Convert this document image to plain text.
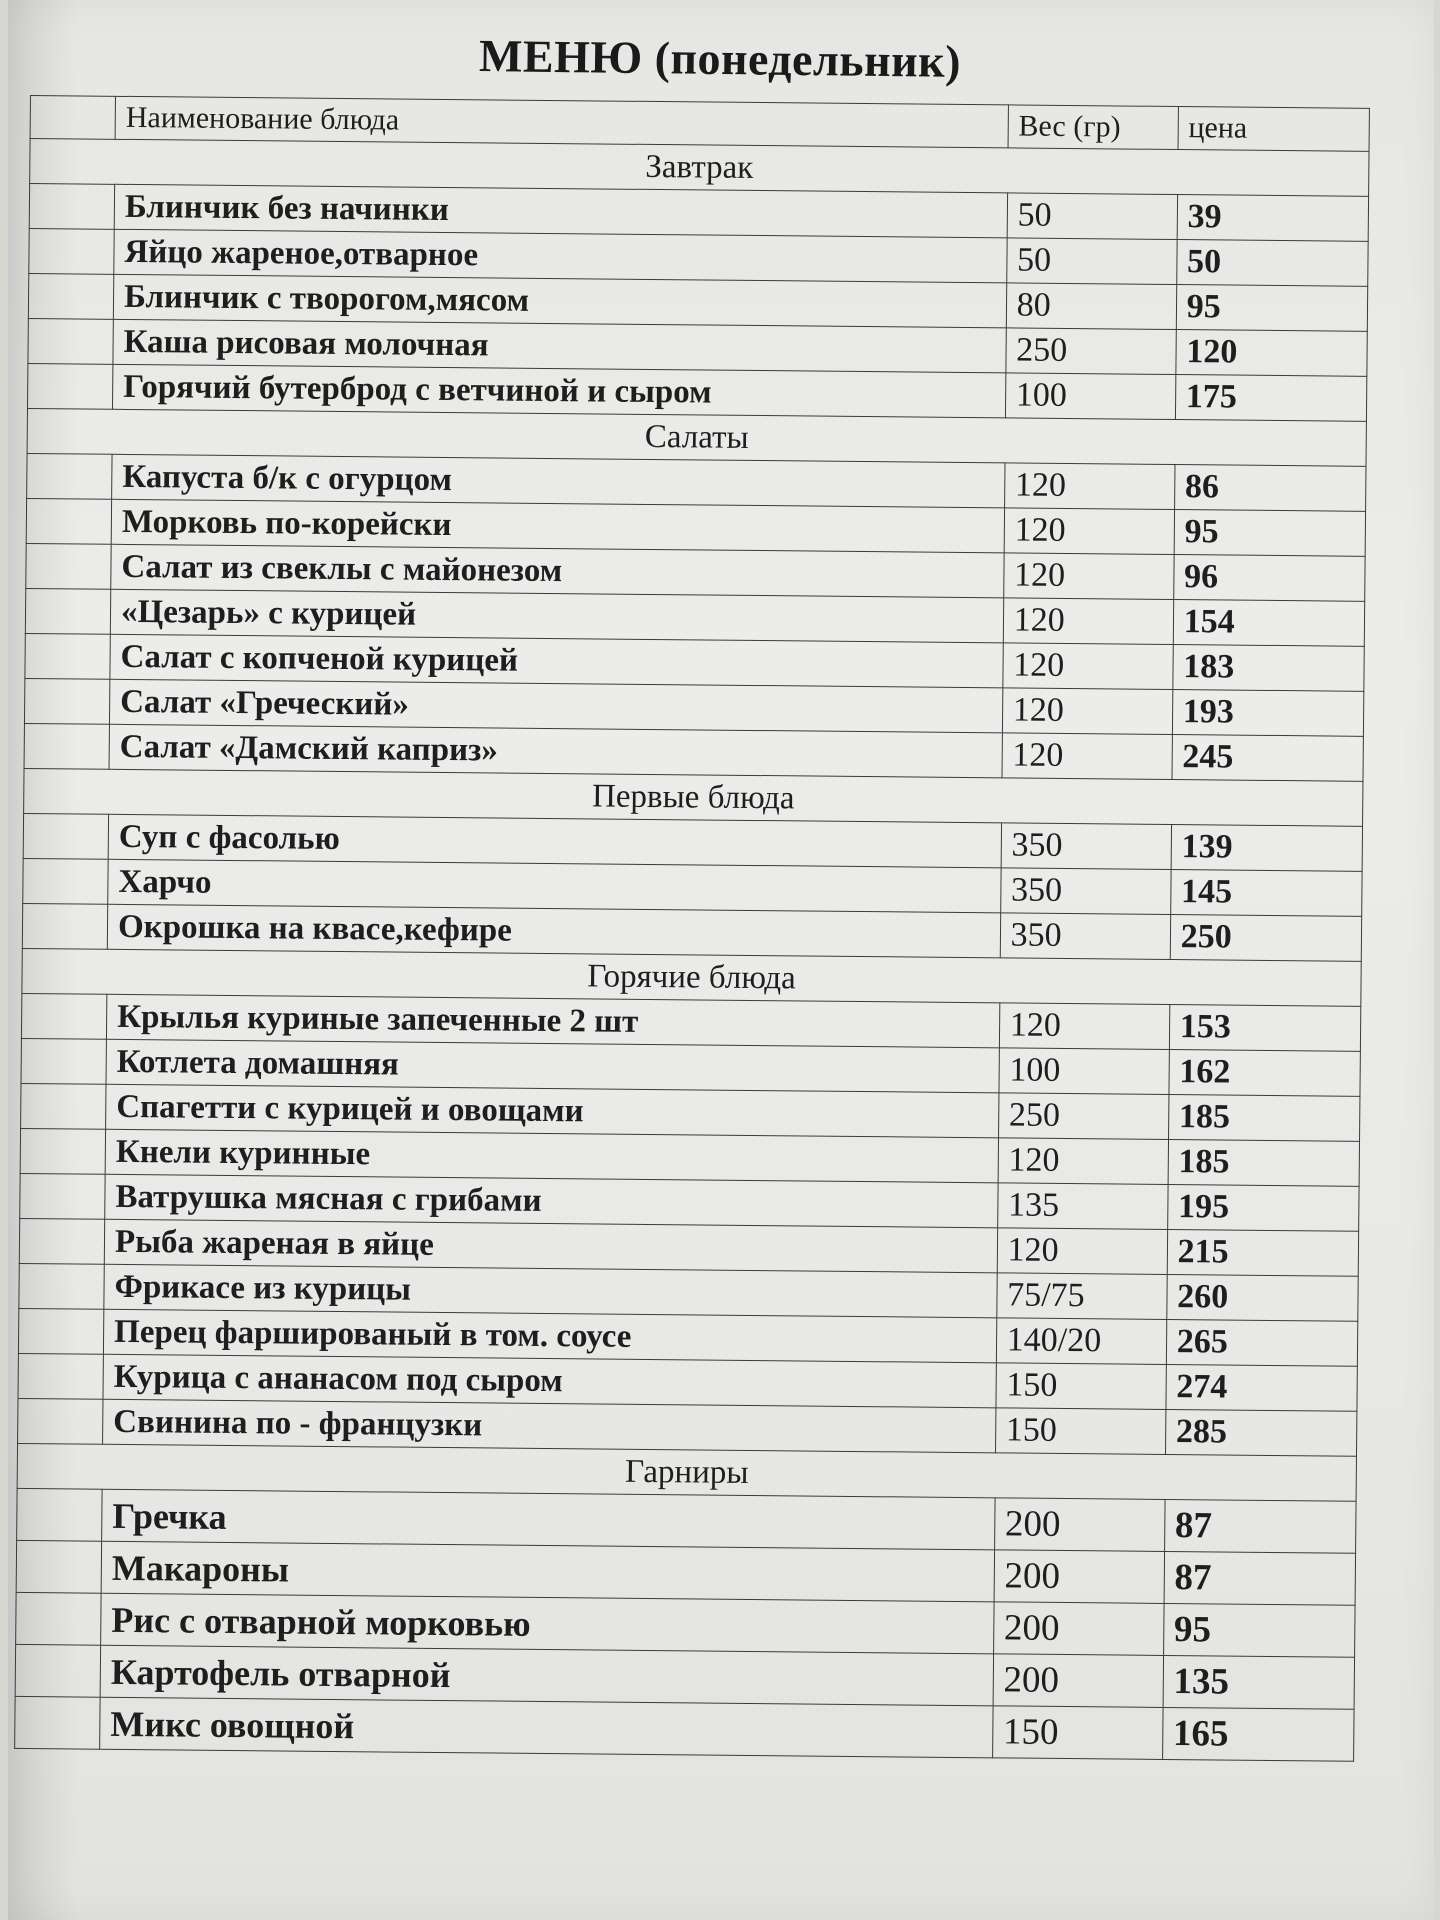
МЕНЮ (понедельник)
	Наименование блюда	Вес (гр)	цена
Завтрак			
	Блинчик без начинки	50	39
	Яйцо жареное,отварное	50	50
	Блинчик с творогом,мясом	80	95
	Каша рисовая молочная	250	120
	Горячий бутерброд с ветчиной и сыром	100	175
Салаты			
	Капуста б/к с огурцом	120	86
	Морковь по-корейски	120	95
	Салат из свеклы с майонезом	120	96
	«Цезарь» с курицей	120	154
	Салат с копченой курицей	120	183
	Салат «Греческий»	120	193
	Салат «Дамский каприз»	120	245
Первые блюда			
	Суп с фасолью	350	139
	Харчо	350	145
	Окрошка на квасе,кефире	350	250
Горячие блюда			
	Крылья куриные запеченные 2 шт	120	153
	Котлета домашняя	100	162
	Спагетти с курицей и овощами	250	185
	Кнели куринные	120	185
	Ватрушка мясная с грибами	135	195
	Рыба жареная в яйце	120	215
	Фрикасе из курицы	75/75	260
	Перец фаршированый в том. соусе	140/20	265
	Курица с ананасом под сыром	150	274
	Свинина по - французки	150	285
Гарниры			
	Гречка	200	87
	Макароны	200	87
	Рис с отварной морковью	200	95
	Картофель отварной	200	135
	Микс овощной	150	165
